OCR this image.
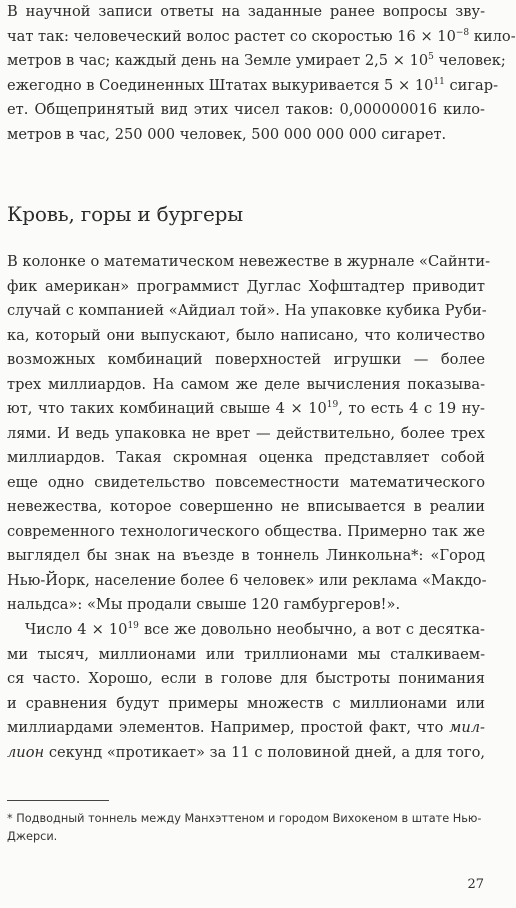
В научной записи ответы на заданные ранее вопросы зву-
чат так: человеческий волос растет со скоростью $16 \times 10^{-8}$ кило-
метров в час; каждый день на Земле умирает $2,5 \times 10^5$ человек;
ежегодно в Соединенных Штатах выкуривается $5 \times 10^{11}$ сигар-
ет. Общепринятый вид этих чисел таков: 0,000000016 кило-
метров в час, 250 000 человек, 500 000 000 000 сигарет.
Кровь, горы и бургеры
В колонке о математическом невежестве в журнале «Сайнти-
фик американ» программист Дуглас Хофштадтер приводит
случай с компанией «Айдиал той». На упаковке кубика Руби-
ка, который они выпускают, было написано, что количество
возможных комбинаций поверхностей игрушки — более
трех миллиардов. На самом же деле вычисления показыва-
ют, что таких комбинаций свыше $4 \times 10^{19}$, то есть 4 с 19 ну-
лями. И ведь упаковка не врет — действительно, более трех
миллиардов. Такая скромная оценка представляет собой
еще одно свидетельство повсеместности математического
невежества, которое совершенно не вписывается в реалии
современного технологического общества. Примерно так же
выглядел бы знак на въезде в тоннель Линкольна*: «Город
Нью-Йорк, население более 6 человек» или реклама «Макдо-
нальдса»: «Мы продали свыше 120 гамбургеров!».
Число $4 \times 10^{19}$ все же довольно необычно, а вот с десятка-
ми тысяч, миллионами или триллионами мы сталкиваем-
ся часто. Хорошо, если в голове для быстроты понимания
и сравнения будут примеры множеств с миллионами или
миллиардами элементов. Например, простой факт, что мил-
лион секунд «протикает» за 11 с половиной дней, а для того,
* Подводный тоннель между Манхэттеном и городом Вихокеном в штате Нью-Джерси.
27
